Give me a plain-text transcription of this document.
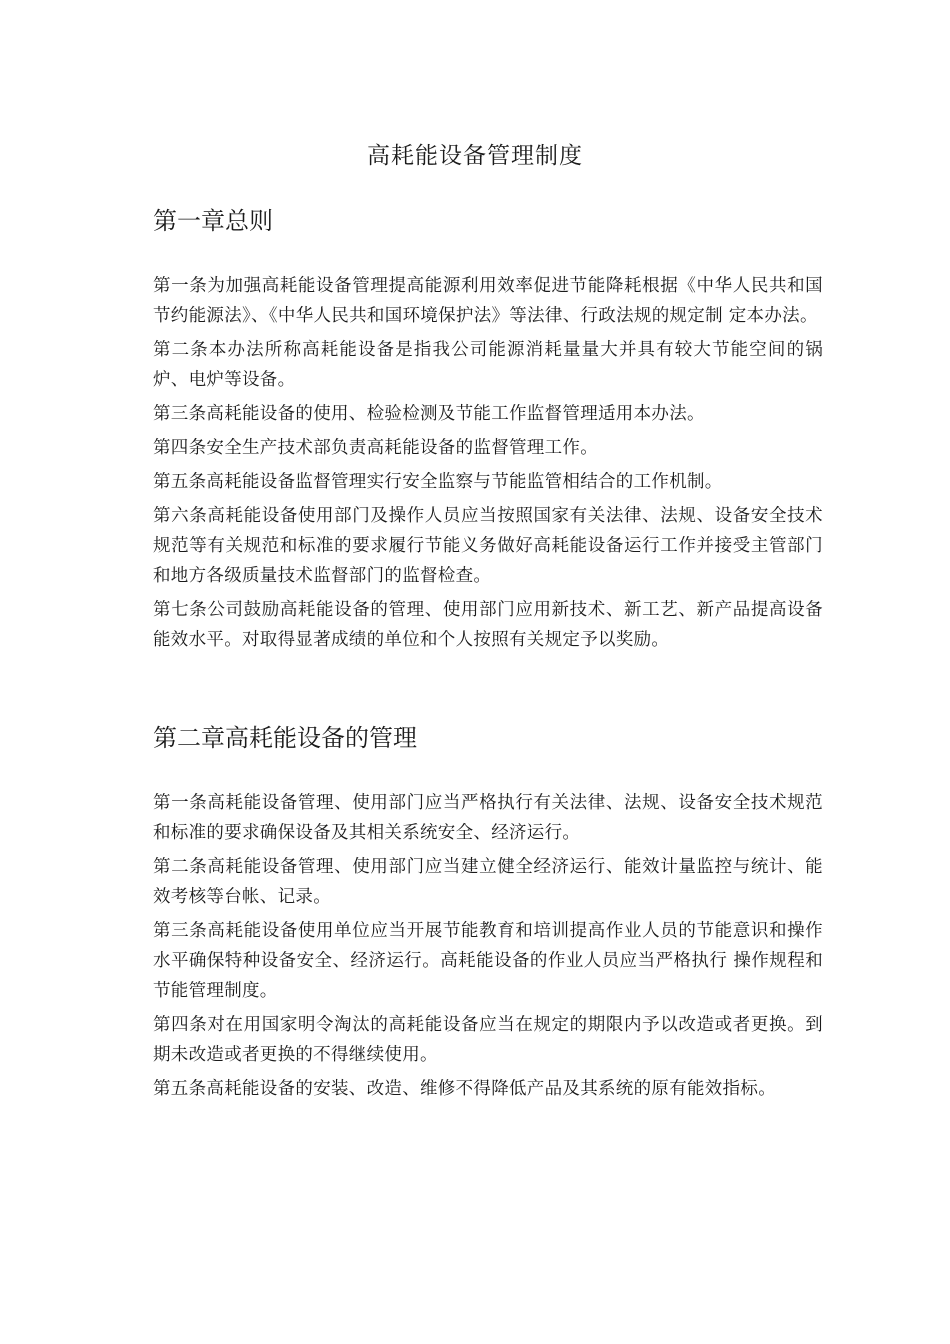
高耗能设备管理制度
第一章总则

第一条为加强高耗能设备管理提高能源利用效率促进节能降耗根据《中华人民共和国节约能源法》、《中华人民共和国环境保护法》等法律、行政法规的规定制 定本办法。

第二条本办法所称高耗能设备是指我公司能源消耗量量大并具有较大节能空间的锅炉、电炉等设备。

第三条高耗能设备的使用、检验检测及节能工作监督管理适用本办法。

第四条安全生产技术部负责高耗能设备的监督管理工作。

第五条高耗能设备监督管理实行安全监察与节能监管相结合的工作机制。

第六条高耗能设备使用部门及操作人员应当按照国家有关法律、法规、设备安全技术规范等有关规范和标准的要求履行节能义务做好高耗能设备运行工作并接受主管部门和地方各级质量技术监督部门的监督检查。

第七条公司鼓励高耗能设备的管理、使用部门应用新技术、新工艺、新产品提高设备能效水平。对取得显著成绩的单位和个人按照有关规定予以奖励。

第二章高耗能设备的管理

第一条高耗能设备管理、使用部门应当严格执行有关法律、法规、设备安全技术规范和标准的要求确保设备及其相关系统安全、经济运行。

第二条高耗能设备管理、使用部门应当建立健全经济运行、能效计量监控与统计、能效考核等台帐、记录。

第三条高耗能设备使用单位应当开展节能教育和培训提高作业人员的节能意识和操作水平确保特种设备安全、经济运行。高耗能设备的作业人员应当严格执行 操作规程和节能管理制度。

第四条对在用国家明令淘汰的高耗能设备应当在规定的期限内予以改造或者更换。到期未改造或者更换的不得继续使用。

第五条高耗能设备的安装、改造、维修不得降低产品及其系统的原有能效指标。
